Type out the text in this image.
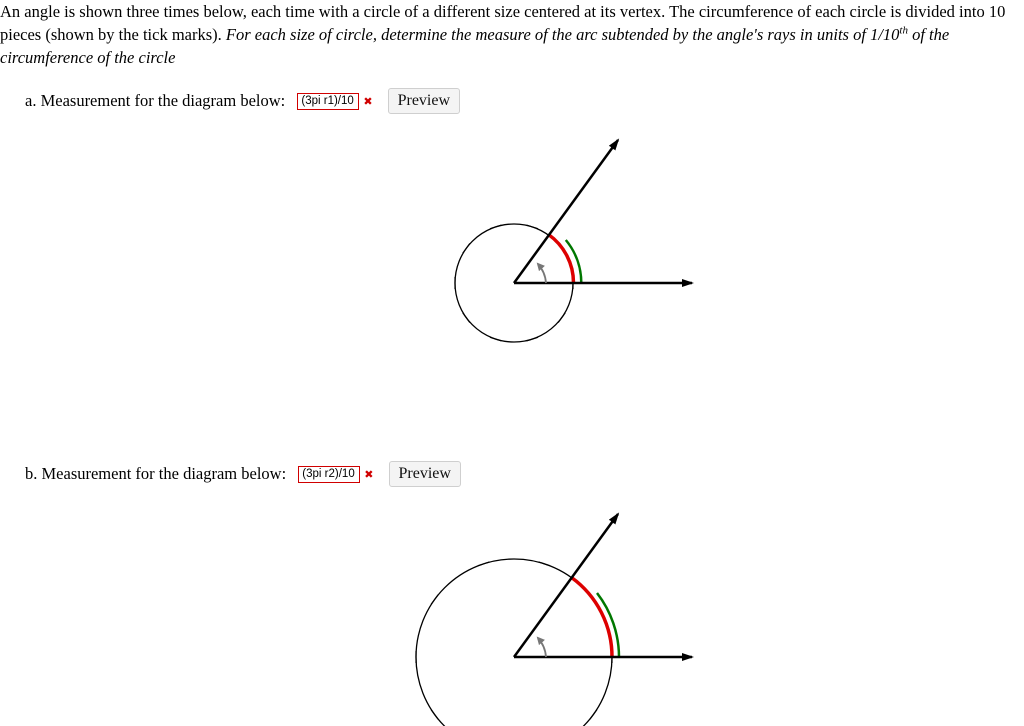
An angle is shown three times below, each time with a circle of a different size centered at its vertex. The circumference of each circle is divided into 10 pieces (shown by the tick marks). For each size of circle, determine the measure of the arc subtended by the angle's rays in units of 1/10th of the circumference of the circle

a. Measurement for the diagram below:
(3pi r1)/10	✖	Preview
b. Measurement for the diagram below:
(3pi r2)/10	✖	Preview
